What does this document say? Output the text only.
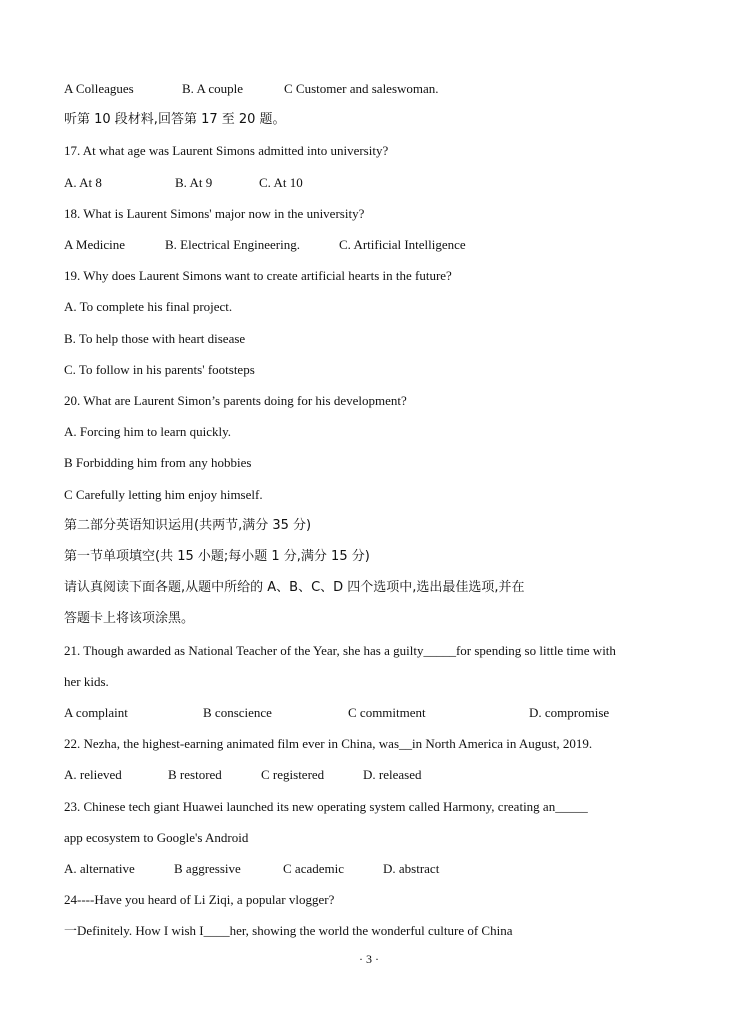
A Colleagues	B. A couple	C Customer and saleswoman.
听第 10 段材料,回答第 17 至 20 题。
17. At what age was Laurent Simons admitted into university?
A. At 8	B. At 9	C. At 10
18. What is Laurent Simons' major now in the university?
A Medicine	B. Electrical Engineering.	C. Artificial Intelligence
19. Why does Laurent Simons want to create artificial hearts in the future?
A. To complete his final project.
B. To help those with heart disease
C. To follow in his parents' footsteps
20. What are Laurent Simon’s parents doing for his development?
A. Forcing him to learn quickly.
B Forbidding him from any hobbies
C Carefully letting him enjoy himself.
第二部分英语知识运用(共两节,满分 35 分)
第一节单项填空(共 15 小题;每小题 1 分,满分 15 分)
请认真阅读下面各题,从题中所给的 A、B、C、D 四个选项中,选出最佳选项,并在
答题卡上将该项涂黑。
21. Though awarded as National Teacher of the Year, she has a guilty_____for spending so little time with
her kids.
A complaint	B conscience	C commitment	D. compromise
22. Nezha, the highest-earning animated film ever in China, was__in North America in August, 2019.
A. relieved	B restored	C registered	D. released
23. Chinese tech giant Huawei launched its new operating system called Harmony, creating an_____
app ecosystem to Google's Android
A. alternative	B aggressive	C academic	D. abstract
24----Have you heard of Li Ziqi, a popular vlogger?
一Definitely. How I wish I____her, showing the world the wonderful culture of China
· 3 ·
